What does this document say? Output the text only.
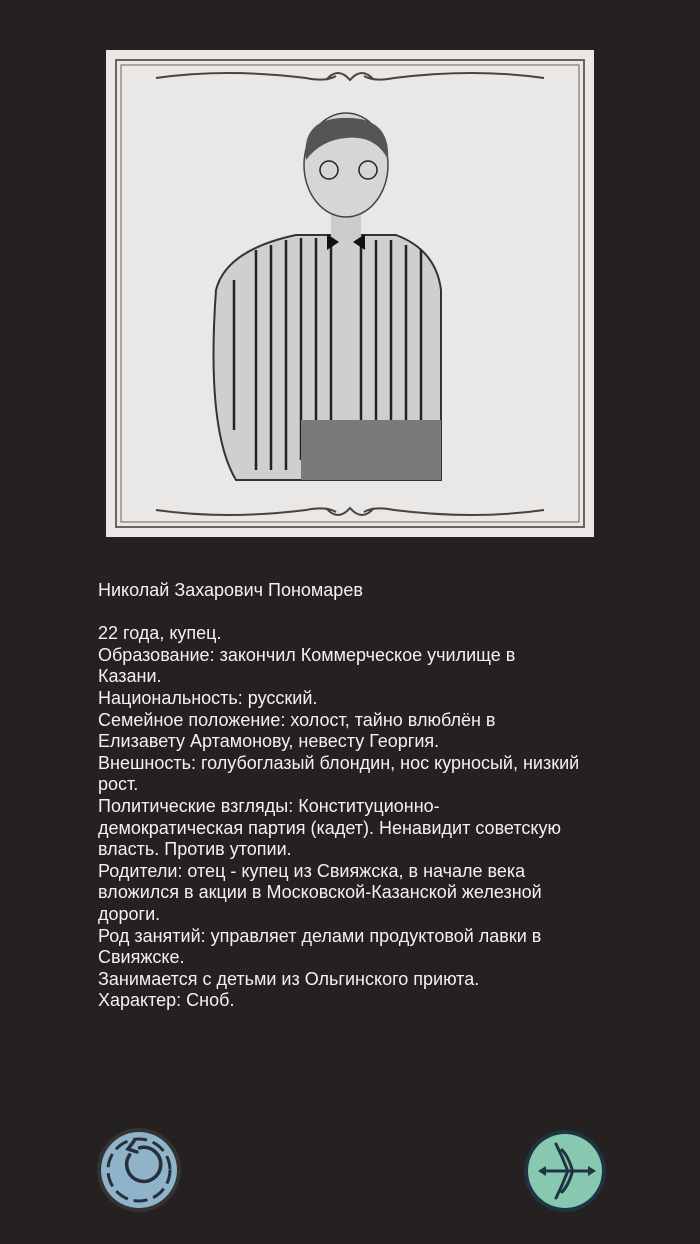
Николай Захарович Пономарев
22 года, купец.
Образование: закончил Коммерческое училище в
Казани.
Национальность: русский.
Семейное положение: холост, тайно влюблён в
Елизавету Артамонову, невесту Георгия.
Внешность: голубоглазый блондин, нос курносый, низкий
рост.
Политические взгляды: Конституционно-
демократическая партия (кадет). Ненавидит советскую
власть. Против утопии.
Родители: отец - купец из Свияжска, в начале века
вложился в акции в Московской-Казанской железной
дороги.
Род занятий: управляет делами продуктовой лавки в
Свияжске.
Занимается с детьми из Ольгинского приюта.
Характер: Сноб.
